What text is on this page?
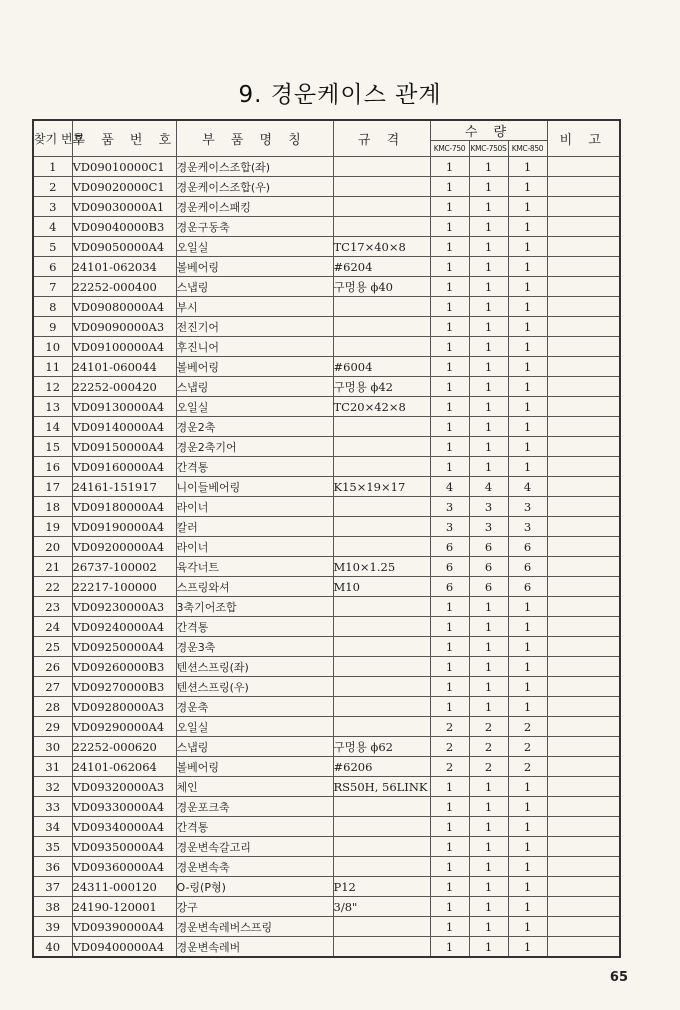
9. 경운케이스 관계
찾기 번호	부 품 번 호	부 품 명 칭	규 격	수 량			비 고
				KMC-750	KMC-750S	KMC-850	
1	VD09010000C1	경운케이스조합(좌)		1	1	1	
2	VD09020000C1	경운케이스조합(우)		1	1	1	
3	VD09030000A1	경운케이스패킹		1	1	1	
4	VD09040000B3	경운구동축		1	1	1	
5	VD09050000A4	오일실	TC17×40×8	1	1	1	
6	24101-062034	볼베어링	#6204	1	1	1	
7	22252-000400	스냅링	구멍용 ϕ40	1	1	1	
8	VD09080000A4	부시		1	1	1	
9	VD09090000A3	전진기어		1	1	1	
10	VD09100000A4	후진니어		1	1	1	
11	24101-060044	볼베어링	#6004	1	1	1	
12	22252-000420	스냅링	구멍용 ϕ42	1	1	1	
13	VD09130000A4	오일실	TC20×42×8	1	1	1	
14	VD09140000A4	경운2축		1	1	1	
15	VD09150000A4	경운2축기어		1	1	1	
16	VD09160000A4	간격통		1	1	1	
17	24161-151917	니이들베어링	K15×19×17	4	4	4	
18	VD09180000A4	라이너		3	3	3	
19	VD09190000A4	칼러		3	3	3	
20	VD09200000A4	라이너		6	6	6	
21	26737-100002	육각너트	M10×1.25	6	6	6	
22	22217-100000	스프링와셔	M10	6	6	6	
23	VD09230000A3	3축기어조합		1	1	1	
24	VD09240000A4	간격통		1	1	1	
25	VD09250000A4	경운3축		1	1	1	
26	VD09260000B3	텐션스프링(좌)		1	1	1	
27	VD09270000B3	텐션스프링(우)		1	1	1	
28	VD09280000A3	경운축		1	1	1	
29	VD09290000A4	오일실		2	2	2	
30	22252-000620	스냅링	구멍용 ϕ62	2	2	2	
31	24101-062064	볼베어링	#6206	2	2	2	
32	VD09320000A3	체인	RS50H, 56LINK	1	1	1	
33	VD09330000A4	경운포크축		1	1	1	
34	VD09340000A4	간격통		1	1	1	
35	VD09350000A4	경운변속갈고리		1	1	1	
36	VD09360000A4	경운변속축		1	1	1	
37	24311-000120	O-링(P형)	P12	1	1	1	
38	24190-120001	강구	3/8"	1	1	1	
39	VD09390000A4	경운변속레버스프링		1	1	1	
40	VD09400000A4	경운변속레버		1	1	1	
65
